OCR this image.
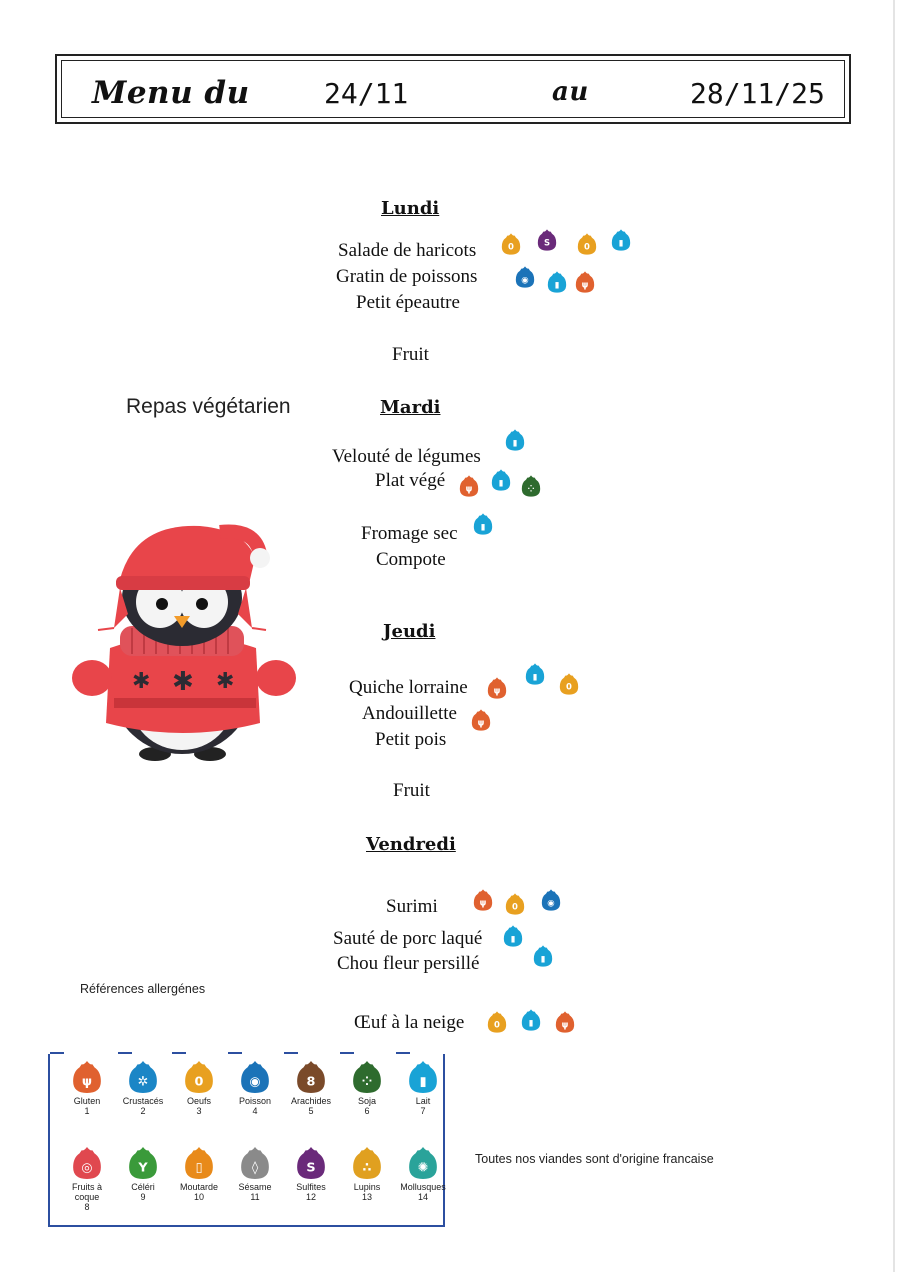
Menu du	24/11	au	28/11/25
Lundi
Salade de haricots
Gratin de poissons
Petit épeautre
Fruit
Repas végétarien	Mardi
Velouté de légumes
Plat végé
Fromage sec
Compote
Jeudi
Quiche lorraine
Andouillette
Petit pois
Fruit
Vendredi
Surimi
Sauté de porc laqué
Chou fleur persillé
Œuf à la neige
0 S	0 ▮
◉ ▮ ψ
▮
ψ
▮
⁘
▮
ψ
▮
0
ψ
ψ 0 ◉
▮
▮
0 ▮ ψ
✱ ✱ ✱
Références allergénes
Toutes nos viandes sont d'origine francaise
ψ
Gluten
1
✲
Crustacés
2
0
Oeufs
3
◉
Poisson
4
8
Arachides
5
⁘
Soja
6
▮
Lait
7
◎
Fruits à coque
8
Y
Céléri
9
▯
Moutarde
10
◊
Sésame
11
S
Sulfites
12
∴
Lupins
13
✺
Mollusques
14
